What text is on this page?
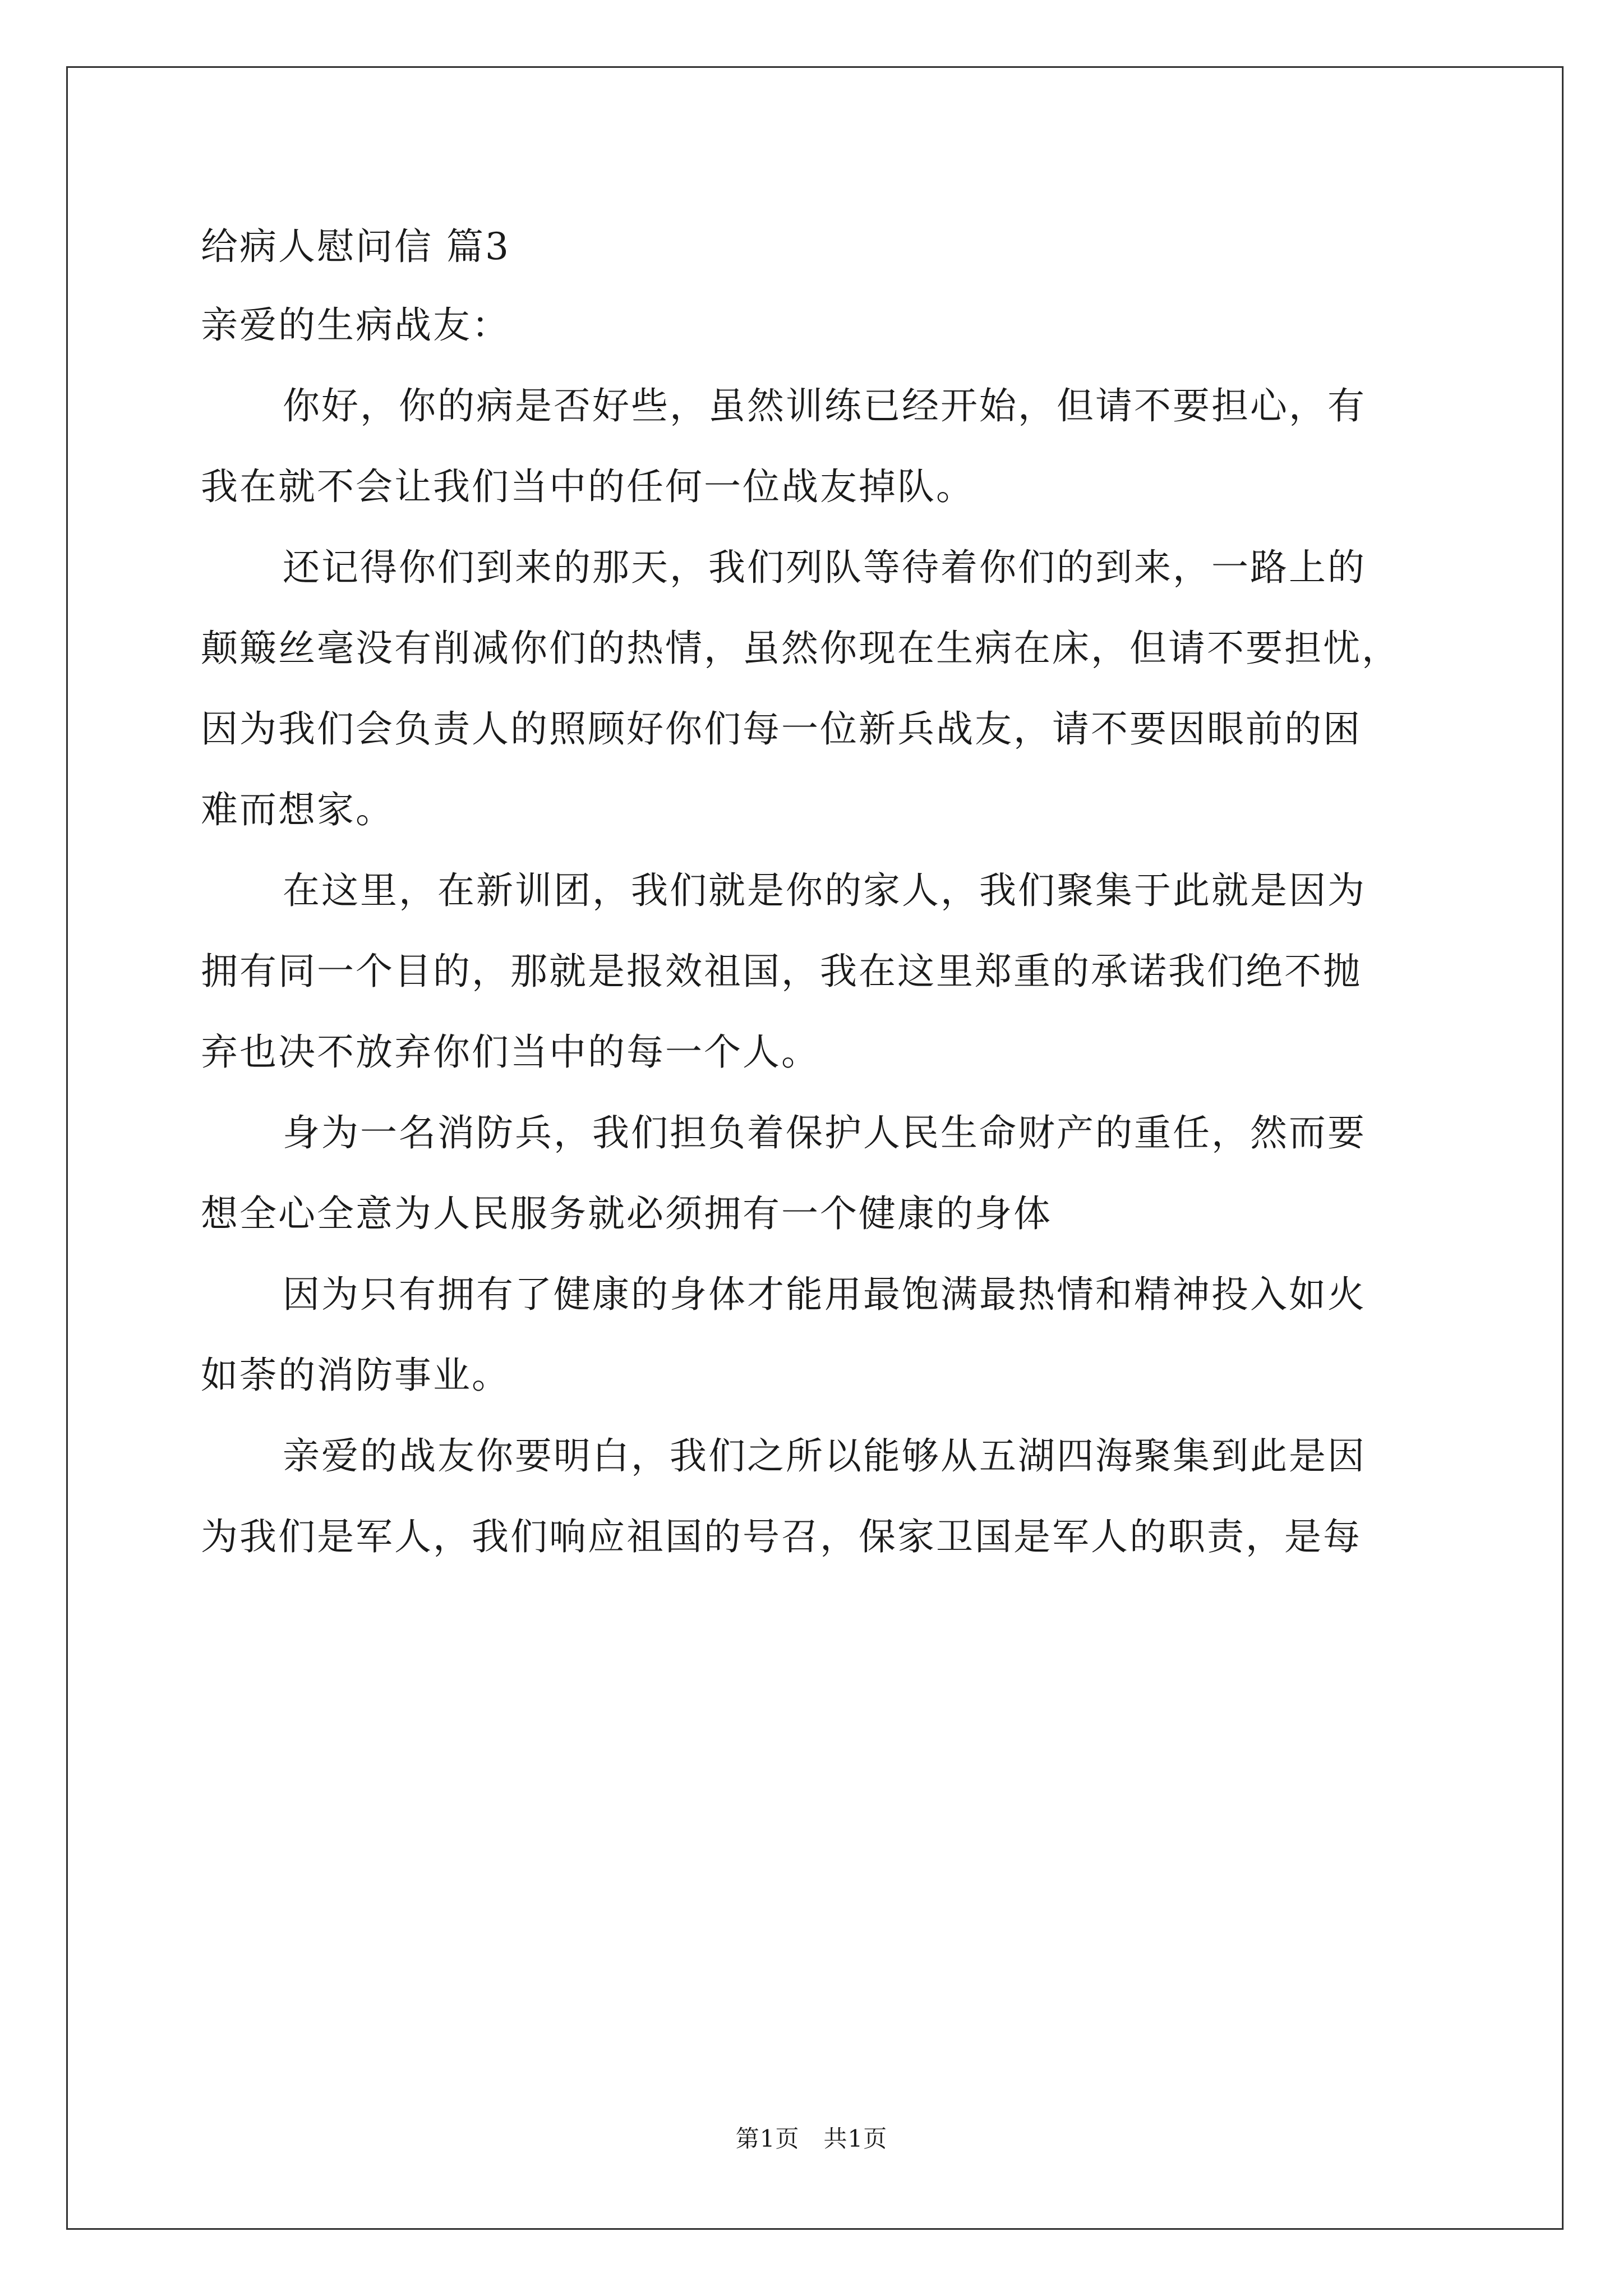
给病人慰问信 篇3
亲爱的生病战友：
你好，你的病是否好些，虽然训练已经开始，但请不要担心，有
我在就不会让我们当中的任何一位战友掉队。
还记得你们到来的那天，我们列队等待着你们的到来，一路上的
颠簸丝毫没有削减你们的热情，虽然你现在生病在床，但请不要担忧，
因为我们会负责人的照顾好你们每一位新兵战友，请不要因眼前的困
难而想家。
在这里，在新训团，我们就是你的家人，我们聚集于此就是因为
拥有同一个目的，那就是报效祖国，我在这里郑重的承诺我们绝不抛
弃也决不放弃你们当中的每一个人。
身为一名消防兵，我们担负着保护人民生命财产的重任，然而要
想全心全意为人民服务就必须拥有一个健康的身体
因为只有拥有了健康的身体才能用最饱满最热情和精神投入如火
如荼的消防事业。
亲爱的战友你要明白，我们之所以能够从五湖四海聚集到此是因
为我们是军人，我们响应祖国的号召，保家卫国是军人的职责，是每
第1页　共1页
